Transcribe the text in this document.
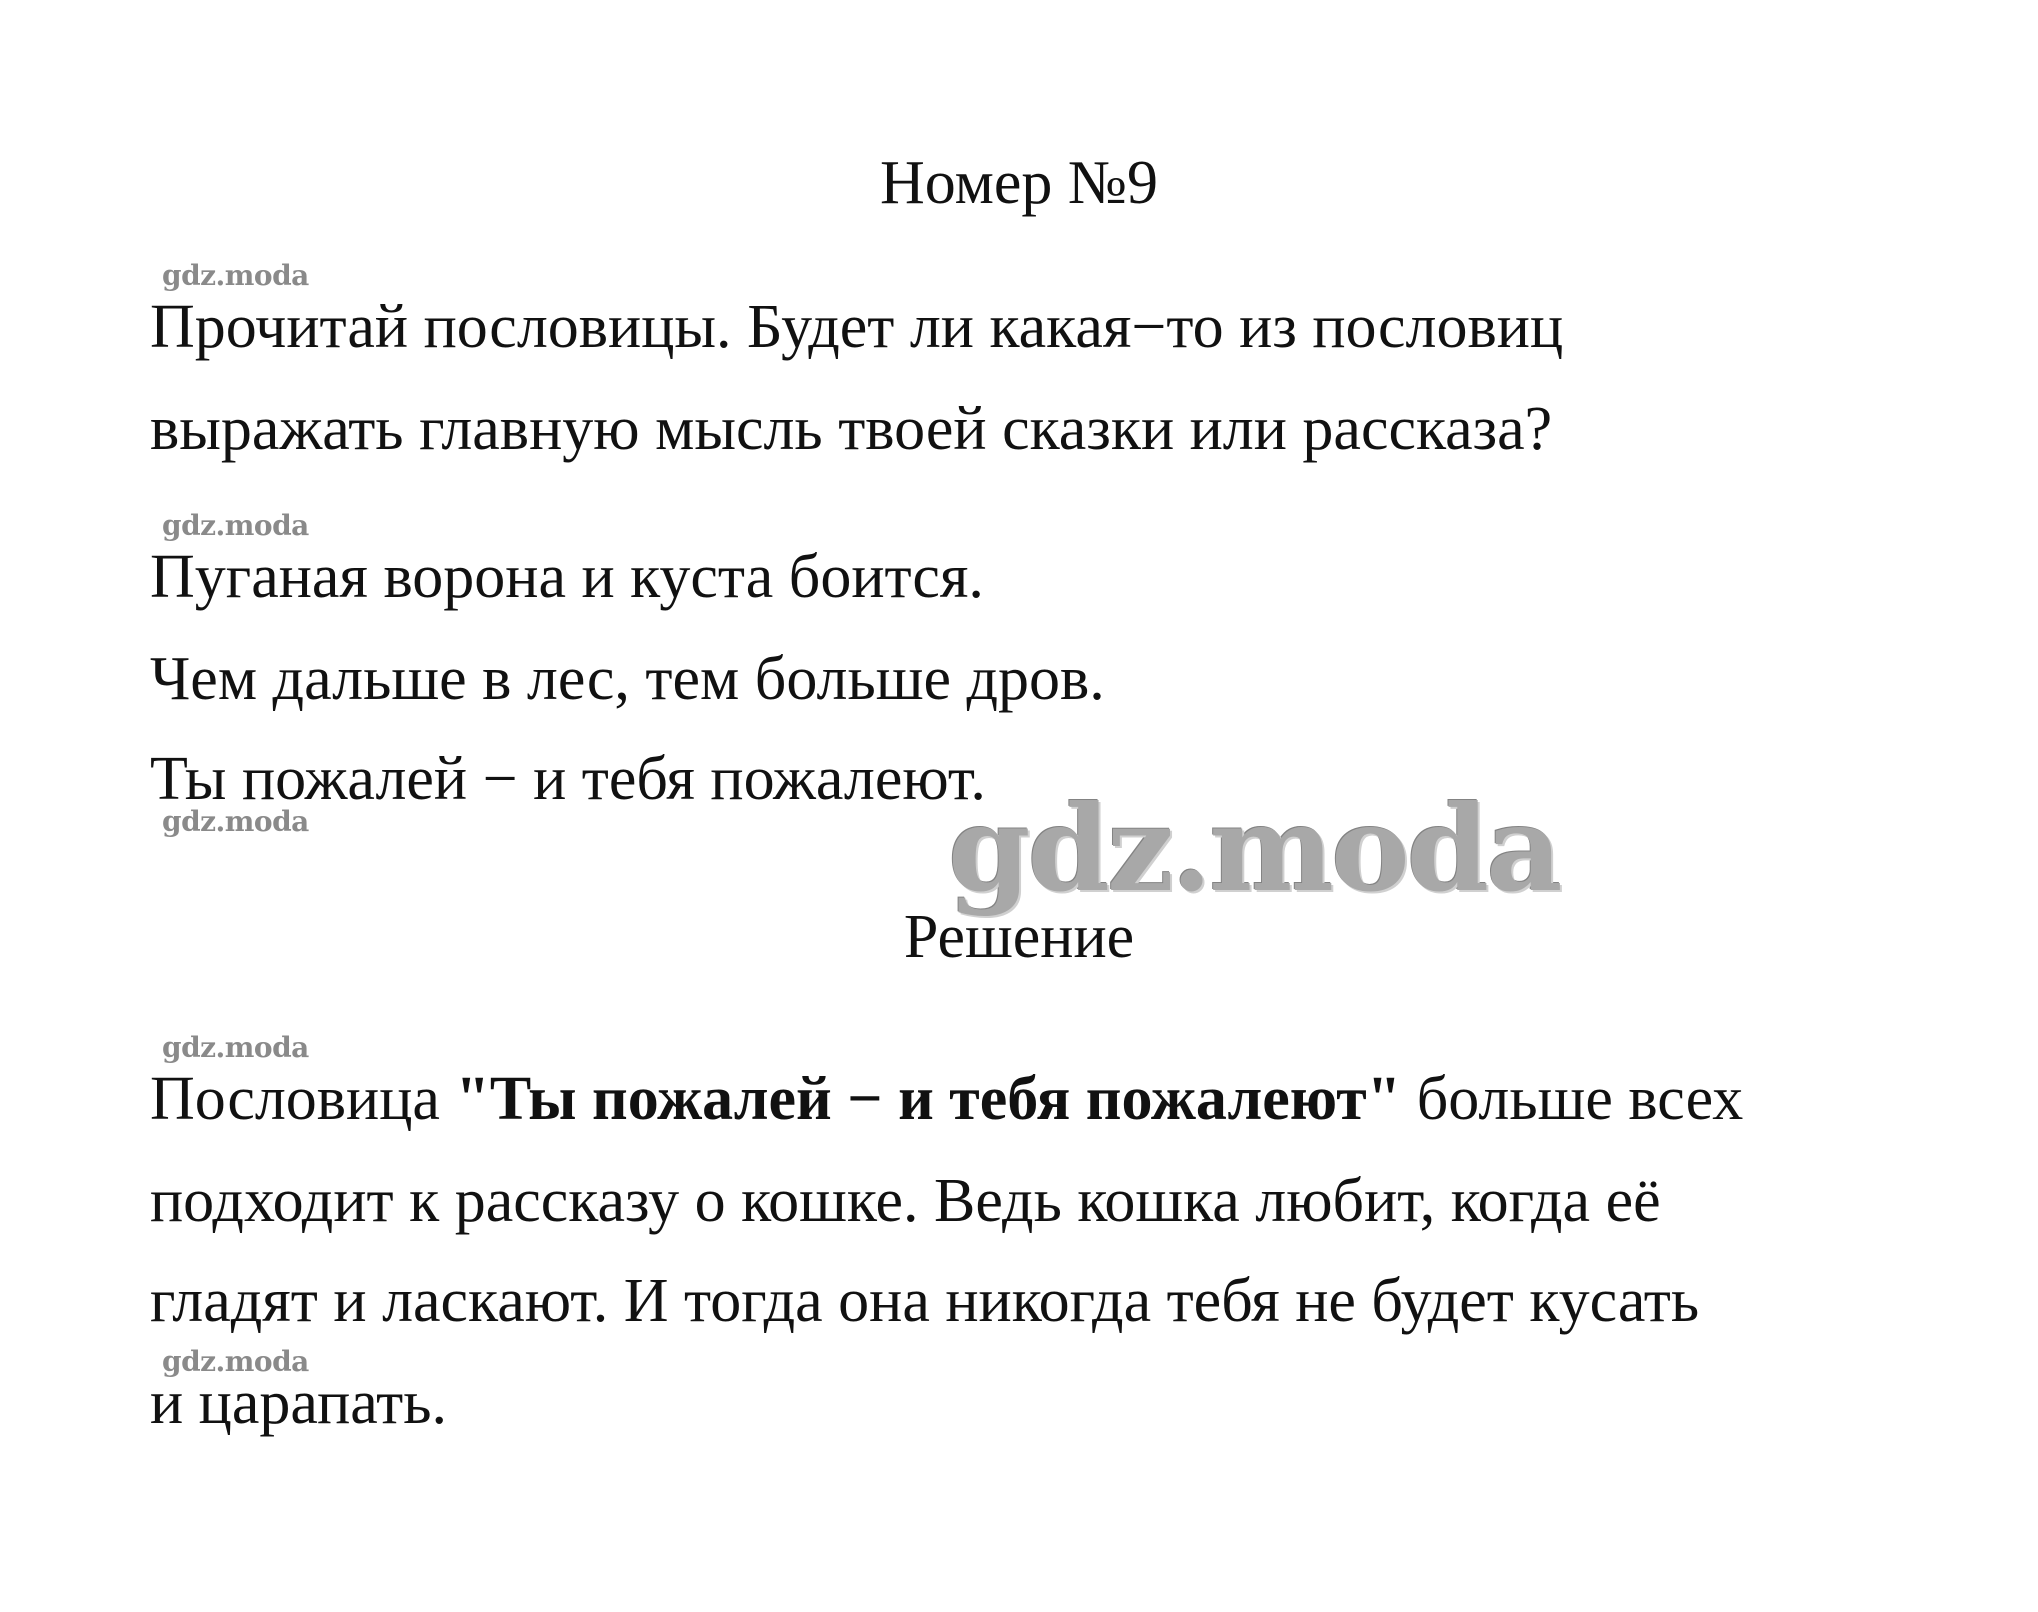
Номер №9
gdz.moda
Прочитай пословицы. Будет ли какая−то из пословиц
выражать главную мысль твоей сказки или рассказа?
gdz.moda
Пуганая ворона и куста боится.
Чем дальше в лес, тем больше дров.
Ты пожалей − и тебя пожалеют.
gdz.moda	gdz.moda
Решение
gdz.moda
Пословица "Ты пожалей − и тебя пожалеют" больше всех
подходит к рассказу о кошке. Ведь кошка любит, когда её
гладят и ласкают. И тогда она никогда тебя не будет кусать
gdz.moda
и царапать.
